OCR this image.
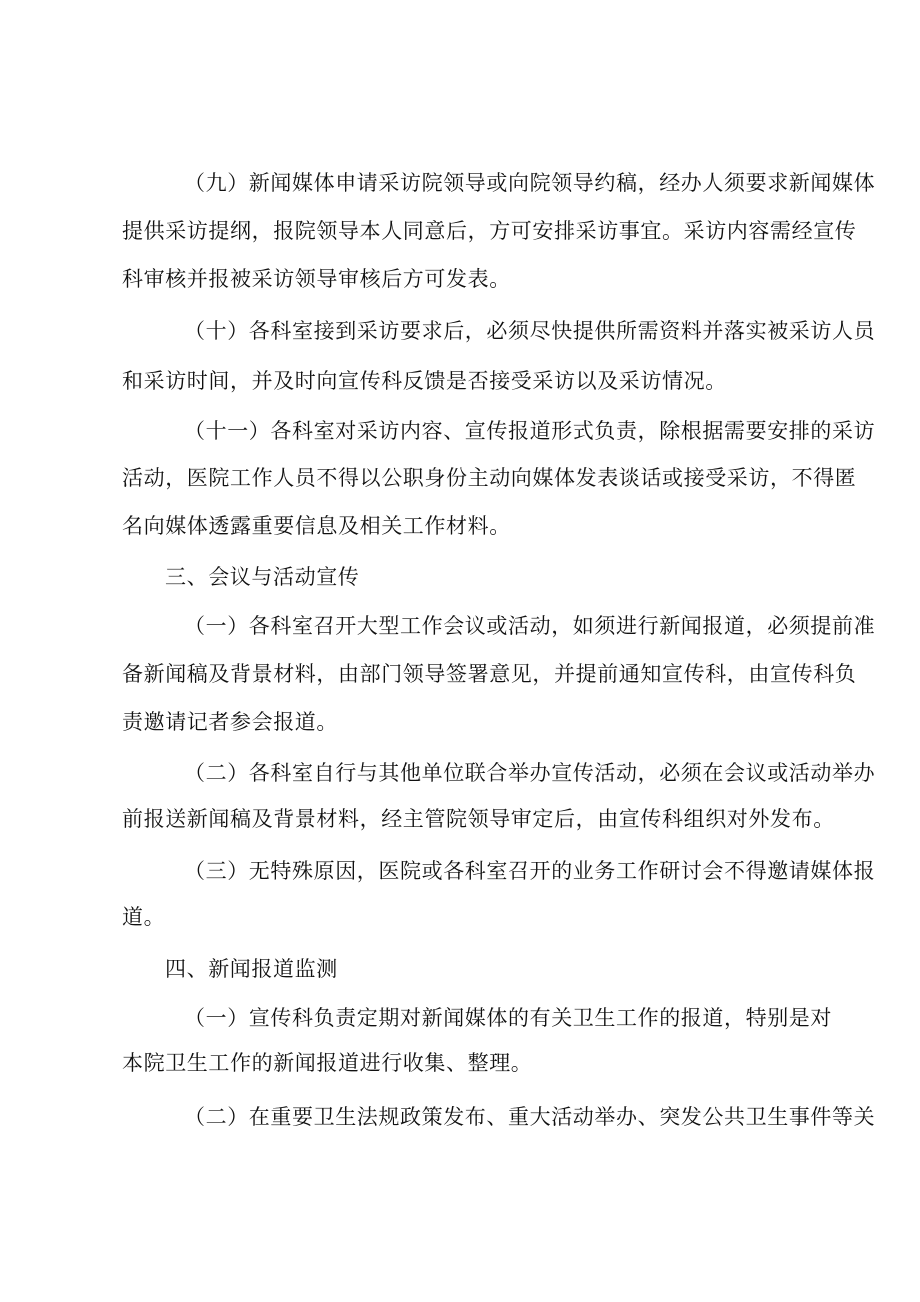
（九）新闻媒体申请采访院领导或向院领导约稿，经办人须要求新闻媒体
提供采访提纲，报院领导本人同意后，方可安排采访事宜。采访内容需经宣传
科审核并报被采访领导审核后方可发表。
（十）各科室接到采访要求后，必须尽快提供所需资料并落实被采访人员
和采访时间，并及时向宣传科反馈是否接受采访以及采访情况。
（十一）各科室对采访内容、宣传报道形式负责，除根据需要安排的采访
活动，医院工作人员不得以公职身份主动向媒体发表谈话或接受采访，不得匿
名向媒体透露重要信息及相关工作材料。
三、会议与活动宣传
（一）各科室召开大型工作会议或活动，如须进行新闻报道，必须提前准
备新闻稿及背景材料，由部门领导签署意见，并提前通知宣传科，由宣传科负
责邀请记者参会报道。
（二）各科室自行与其他单位联合举办宣传活动，必须在会议或活动举办
前报送新闻稿及背景材料，经主管院领导审定后，由宣传科组织对外发布。
（三）无特殊原因，医院或各科室召开的业务工作研讨会不得邀请媒体报
道。
四、新闻报道监测
（一）宣传科负责定期对新闻媒体的有关卫生工作的报道，特别是对
本院卫生工作的新闻报道进行收集、整理。
（二）在重要卫生法规政策发布、重大活动举办、突发公共卫生事件等关
